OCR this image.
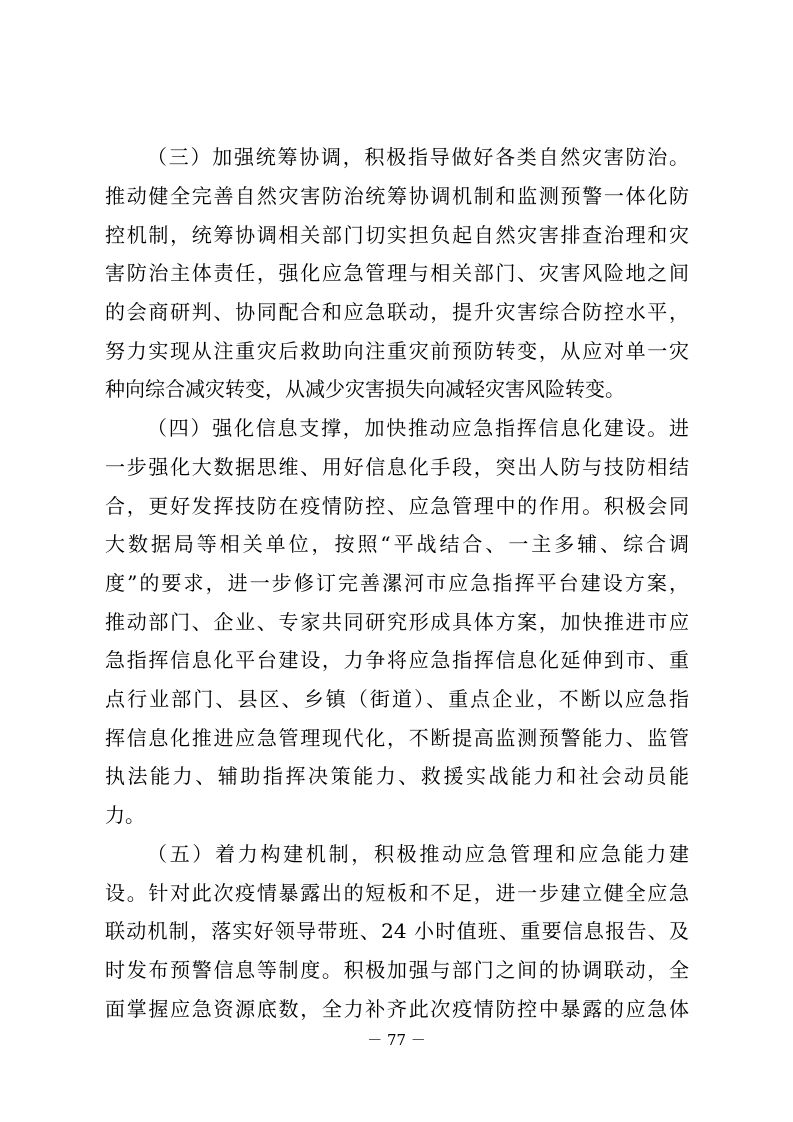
（三）加强统筹协调，积极指导做好各类自然灾害防治。
推动健全完善自然灾害防治统筹协调机制和监测预警一体化防
控机制，统筹协调相关部门切实担负起自然灾害排查治理和灾
害防治主体责任，强化应急管理与相关部门、灾害风险地之间
的会商研判、协同配合和应急联动，提升灾害综合防控水平，
努力实现从注重灾后救助向注重灾前预防转变，从应对单一灾
种向综合减灾转变，从减少灾害损失向减轻灾害风险转变。
（四）强化信息支撑，加快推动应急指挥信息化建设。进
一步强化大数据思维、用好信息化手段，突出人防与技防相结
合，更好发挥技防在疫情防控、应急管理中的作用。积极会同
大数据局等相关单位，按照“平战结合、一主多辅、综合调
度”的要求，进一步修订完善漯河市应急指挥平台建设方案，
推动部门、企业、专家共同研究形成具体方案，加快推进市应
急指挥信息化平台建设，力争将应急指挥信息化延伸到市、重
点行业部门、县区、乡镇（街道）、重点企业，不断以应急指
挥信息化推进应急管理现代化，不断提高监测预警能力、监管
执法能力、辅助指挥决策能力、救援实战能力和社会动员能
力。
（五）着力构建机制，积极推动应急管理和应急能力建
设。针对此次疫情暴露出的短板和不足，进一步建立健全应急
联动机制，落实好领导带班、24 小时值班、重要信息报告、及
时发布预警信息等制度。积极加强与部门之间的协调联动，全
面掌握应急资源底数，全力补齐此次疫情防控中暴露的应急体
－ 77 －
